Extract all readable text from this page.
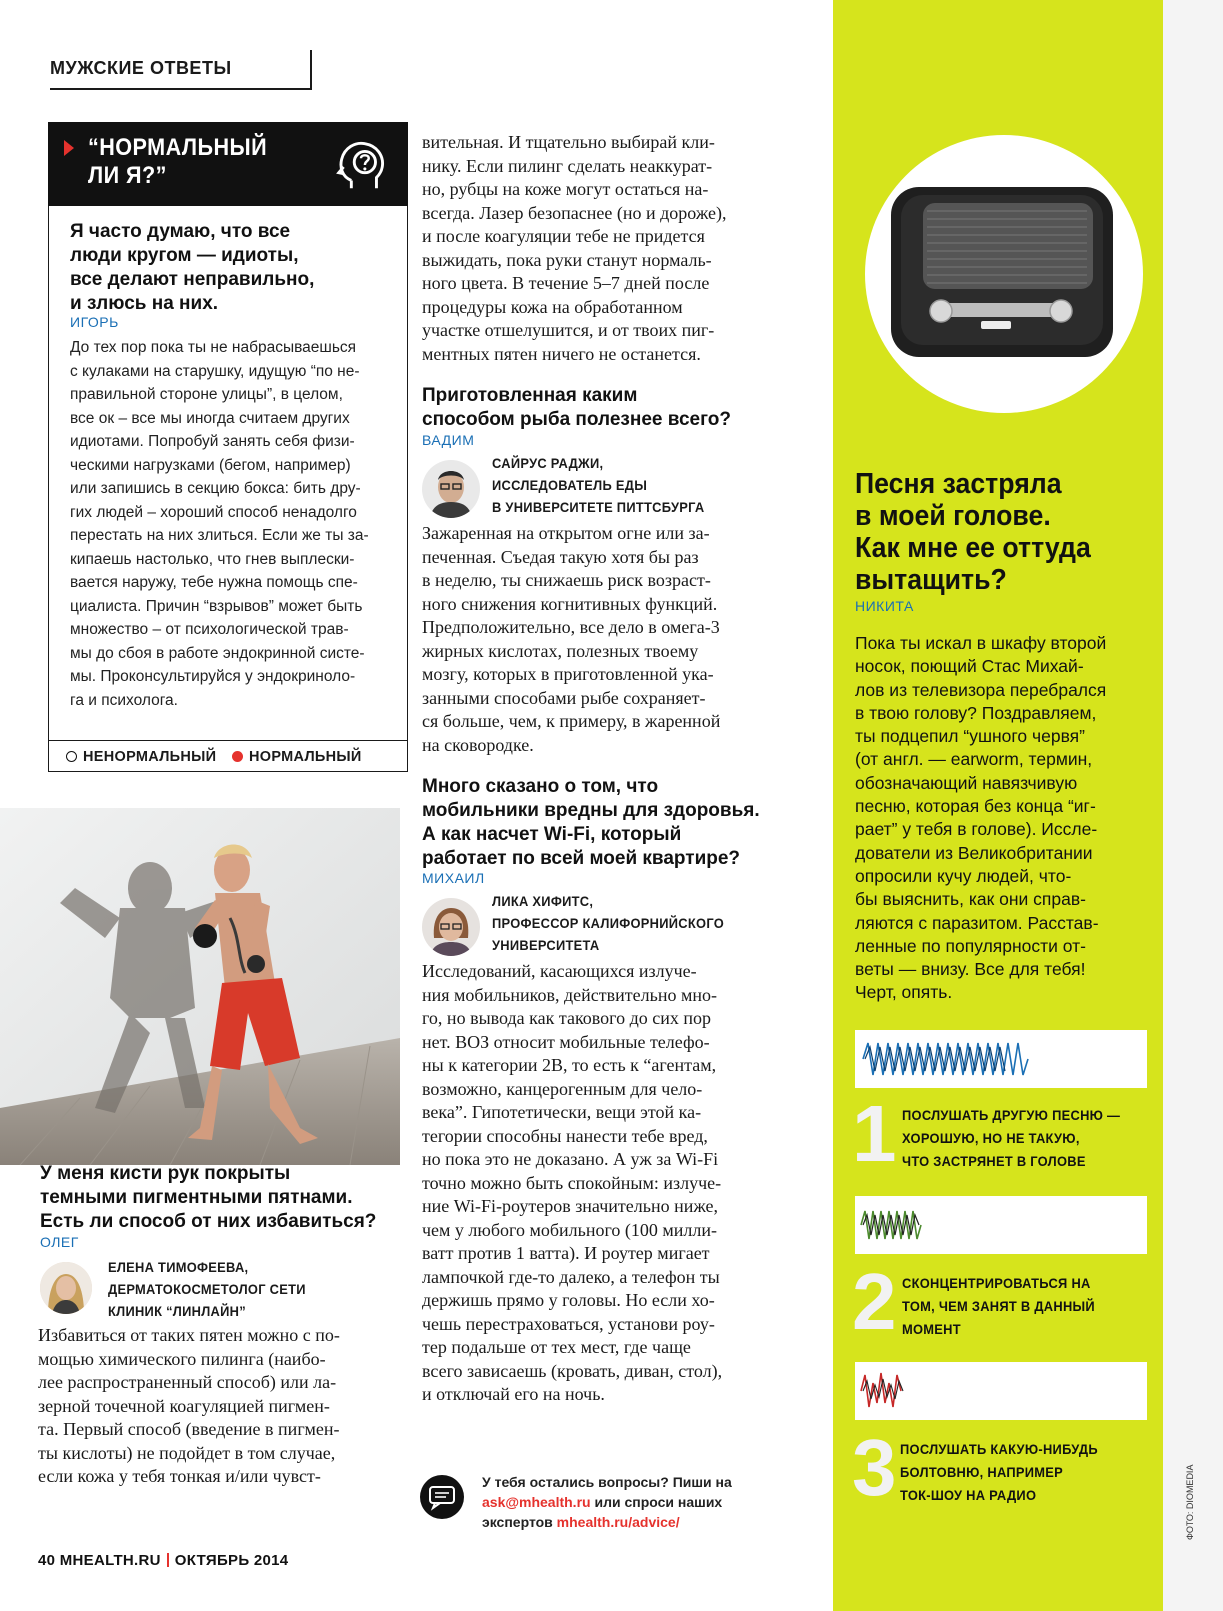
МУЖСКИЕ ОТВЕТЫ
“НОРМАЛЬНЫЙ
ЛИ Я?”
Я часто думаю, что все
люди кругом — идиоты,
все делают неправильно,
и злюсь на них.
ИГОРЬ
До тех пор пока ты не набрасываешься
с кулаками на старушку, идущую “по не-
правильной стороне улицы”, в целом,
все ок – все мы иногда считаем других
идиотами. Попробуй занять себя физи-
ческими нагрузками (бегом, например)
или запишись в секцию бокса: бить дру-
гих людей – хороший способ ненадолго
перестать на них злиться. Если же ты за-
кипаешь настолько, что гнев выплески-
вается наружу, тебе нужна помощь спе-
циалиста. Причин “взрывов” может быть
множество – от психологической трав-
мы до сбоя в работе эндокринной систе-
мы. Проконсультируйся у эндокриноло-
га и психолога.
НЕНОРМАЛЬНЫЙ	НОРМАЛЬНЫЙ
У меня кисти рук покрыты
темными пигментными пятнами.
Есть ли способ от них избавиться?
ОЛЕГ
ЕЛЕНА ТИМОФЕЕВА,
ДЕРМАТОКОСМЕТОЛОГ СЕТИ
КЛИНИК “ЛИНЛАЙН”
Избавиться от таких пятен можно с по-
мощью химического пилинга (наибо-
лее распространенный способ) или ла-
зерной точечной коагуляцией пигмен-
та. Первый способ (введение в пигмен-
ты кислоты) не подойдет в том случае,
если кожа у тебя тонкая и/или чувст-
вительная. И тщательно выбирай кли-
нику. Если пилинг сделать неаккурат-
но, рубцы на коже могут остаться на-
всегда. Лазер безопаснее (но и дороже),
и после коагуляции тебе не придется
выжидать, пока руки станут нормаль-
ного цвета. В течение 5–7 дней после
процедуры кожа на обработанном
участке отшелушится, и от твоих пиг-
ментных пятен ничего не останется.
Приготовленная каким
способом рыба полезнее всего?
ВАДИМ
САЙРУС РАДЖИ,
ИССЛЕДОВАТЕЛЬ ЕДЫ
В УНИВЕРСИТЕТЕ ПИТТСБУРГА
Зажаренная на открытом огне или за-
печенная. Съедая такую хотя бы раз
в неделю, ты снижаешь риск возраст-
ного снижения когнитивных функций.
Предположительно, все дело в омега-3
жирных кислотах, полезных твоему
мозгу, которых в приготовленной ука-
занными способами рыбе сохраняет-
ся больше, чем, к примеру, в жаренной
на сковородке.
Много сказано о том, что
мобильники вредны для здоровья.
А как насчет Wi-Fi, который
работает по всей моей квартире?
МИХАИЛ
ЛИКА ХИФИТС,
ПРОФЕССОР КАЛИФОРНИЙСКОГО
УНИВЕРСИТЕТА
Исследований, касающихся излуче-
ния мобильников, действительно мно-
го, но вывода как такового до сих пор
нет. ВОЗ относит мобильные телефо-
ны к категории 2В, то есть к “агентам,
возможно, канцерогенным для чело-
века”. Гипотетически, вещи этой ка-
тегории способны нанести тебе вред,
но пока это не доказано. А уж за Wi-Fi
точно можно быть спокойным: излуче-
ние Wi-Fi-роутеров значительно ниже,
чем у любого мобильного (100 милли-
ватт против 1 ватта). И роутер мигает
лампочкой где-то далеко, а телефон ты
держишь прямо у головы. Но если хо-
чешь перестраховаться, установи роу-
тер подальше от тех мест, где чаще
всего зависаешь (кровать, диван, стол),
и отключай его на ночь.
У тебя остались вопросы? Пиши на
ask@mhealth.ru или спроси наших
экспертов mhealth.ru/advice/
40 MHEALTH.RU ОКТЯБРЬ 2014
Песня застряла
в моей голове.
Как мне ее оттуда
вытащить?
НИКИТА
Пока ты искал в шкафу второй
носок, поющий Стас Михай-
лов из телевизора перебрался
в твою голову? Поздравляем,
ты подцепил “ушного червя”
(от англ. — earworm, термин,
обозначающий навязчивую
песню, которая без конца “иг-
рает” у тебя в голове). Иссле-
дователи из Великобритании
опросили кучу людей, что-
бы выяснить, как они справ-
ляются с паразитом. Расстав-
ленные по популярности от-
веты — внизу. Все для тебя!
Черт, опять.
1 ПОСЛУШАТЬ ДРУГУЮ ПЕСНЮ —
ХОРОШУЮ, НО НЕ ТАКУЮ,
ЧТО ЗАСТРЯНЕТ В ГОЛОВЕ
2 СКОНЦЕНТРИРОВАТЬСЯ НА
ТОМ, ЧЕМ ЗАНЯТ В ДАННЫЙ
МОМЕНТ
3 ПОСЛУШАТЬ КАКУЮ-НИБУДЬ
БОЛТОВНЮ, НАПРИМЕР
ТОК-ШОУ НА РАДИО	ФОТО: DIOMEDIA
